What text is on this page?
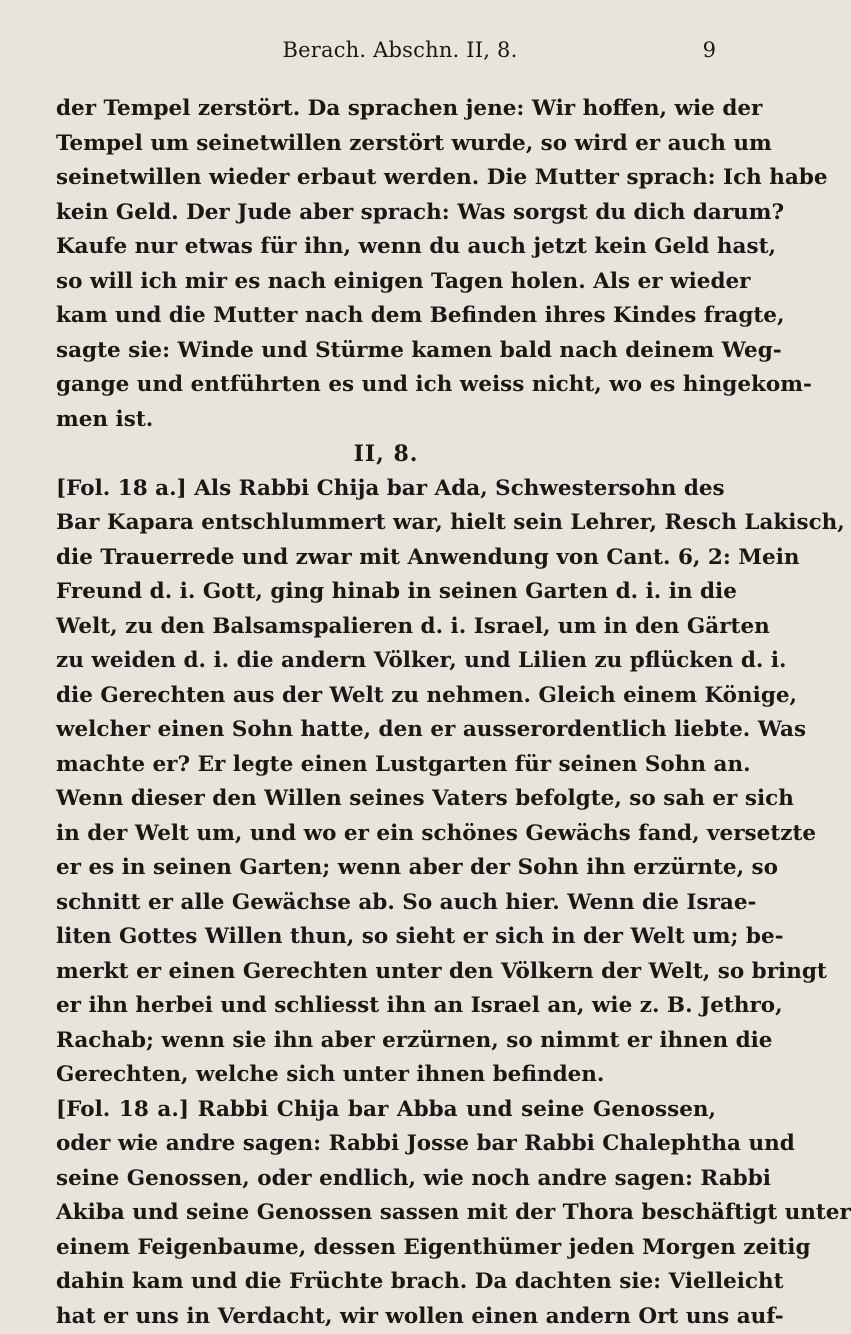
Berach. Abschn. II, 8.	9
der Tempel zerstört. Da sprachen jene: Wir hoffen, wie der
Tempel um seinetwillen zerstört wurde, so wird er auch um
seinetwillen wieder erbaut werden. Die Mutter sprach: Ich habe
kein Geld. Der Jude aber sprach: Was sorgst du dich darum?
Kaufe nur etwas für ihn, wenn du auch jetzt kein Geld hast,
so will ich mir es nach einigen Tagen holen. Als er wieder
kam und die Mutter nach dem Befinden ihres Kindes fragte,
sagte sie: Winde und Stürme kamen bald nach deinem Weg-
gange und entführten es und ich weiss nicht, wo es hingekom-
men ist.
II, 8.
[Fol. 18 a.] Als Rabbi Chija bar Ada, Schwestersohn des
Bar Kapara entschlummert war, hielt sein Lehrer, Resch Lakisch,
die Trauerrede und zwar mit Anwendung von Cant. 6, 2: Mein
Freund d. i. Gott, ging hinab in seinen Garten d. i. in die
Welt, zu den Balsamspalieren d. i. Israel, um in den Gärten
zu weiden d. i. die andern Völker, und Lilien zu pflücken d. i.
die Gerechten aus der Welt zu nehmen. Gleich einem Könige,
welcher einen Sohn hatte, den er ausserordentlich liebte. Was
machte er? Er legte einen Lustgarten für seinen Sohn an.
Wenn dieser den Willen seines Vaters befolgte, so sah er sich
in der Welt um, und wo er ein schönes Gewächs fand, versetzte
er es in seinen Garten; wenn aber der Sohn ihn erzürnte, so
schnitt er alle Gewächse ab. So auch hier. Wenn die Israe-
liten Gottes Willen thun, so sieht er sich in der Welt um; be-
merkt er einen Gerechten unter den Völkern der Welt, so bringt
er ihn herbei und schliesst ihn an Israel an, wie z. B. Jethro,
Rachab; wenn sie ihn aber erzürnen, so nimmt er ihnen die
Gerechten, welche sich unter ihnen befinden.
[Fol. 18 a.] Rabbi Chija bar Abba und seine Genossen,
oder wie andre sagen: Rabbi Josse bar Rabbi Chalephtha und
seine Genossen, oder endlich, wie noch andre sagen: Rabbi
Akiba und seine Genossen sassen mit der Thora beschäftigt unter
einem Feigenbaume, dessen Eigenthümer jeden Morgen zeitig
dahin kam und die Früchte brach. Da dachten sie: Vielleicht
hat er uns in Verdacht, wir wollen einen andern Ort uns auf-
